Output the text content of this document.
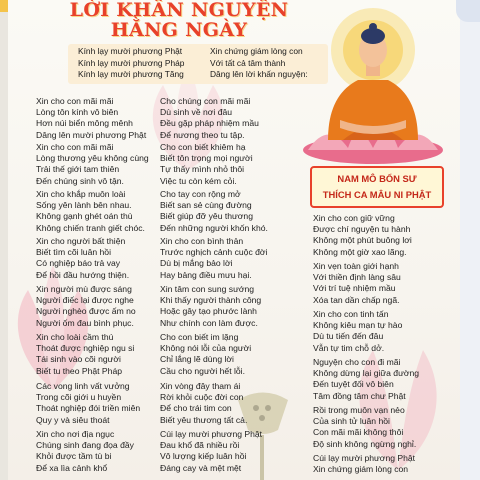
LỜI KHẤN NGUYỆN
HẰNG NGÀY
Kính lạy mười phương Phật
Kính lạy mười phương Pháp
Kính lạy mười phương Tăng
Xin chứng giám lòng con
Với tất cả tâm thành
Dâng lên lời khấn nguyện:
NAM MÔ BỔN SƯ
THÍCH CA MÂU NI PHẬT
Xin cho con mãi mãi
Lòng tôn kính vô biên
Hơn núi biển mông mênh
Dâng lên mười phương Phật
Xin cho con mãi mãi
Lòng thương yêu không cùng
Trải thế giới tam thiên
Đến chúng sinh vô tận.
Xin cho khắp muôn loài
Sống yên lành bên nhau.
Không gạnh ghét oán thù
Không chiến tranh giết chóc.
Xin cho người bất thiện
Biết tìm cõi luân hồi
Có nghiệp báo trả vay
Để hồi đầu hướng thiện.
Xin người mù được sáng
Người điếc lại được nghe
Người nghèo được ấm no
Người ốm đau bình phục.
Xin cho loài cầm thú
Thoát được nghiệp ngu si
Tái sinh vào cõi người
Biết tu theo Phật Pháp
Các vong linh vất vưởng
Trong cõi giới u huyền
Thoát nghiệp đói triền miên
Quy y và siêu thoát
Xin cho nơi địa ngục
Chúng sinh đang đọa đầy
Khỏi được tầm tù bi
Để xa lìa cảnh khổ
Cho chúng con mãi mãi
Dù sinh về nơi đâu
Đều gặp pháp nhiệm mầu
Để nương theo tu tập.
Cho con biết khiêm hạ
Biết tôn trọng mọi người
Tự thấy mình nhỏ thôi
Việc tu còn kém cỏi.
Cho tay con rộng mở
Biết san sẻ cùng đường
Biết giúp đỡ yêu thương
Đến những người khốn khó.
Xin cho con bình thản
Trước nghịch cảnh cuộc đời
Dù bị mắng bảo lời
Hay bảng điều mưu hại.
Xin tâm con sung sướng
Khi thấy người thành công
Hoặc gây tạo phước lành
Như chính con làm được.
Cho con biết im lặng
Không nói lỗi của người
Chỉ lắng lẽ dùng lời
Cầu cho người hết lỗi.
Xin vòng đây tham ái
Rời khỏi cuộc đời con
Để cho trái tim con
Biết yêu thương tất cả.
Cúi lạy mười phương Phật
Đau khổ đã nhiều rồi
Vô lượng kiếp luân hồi
Đáng cay và mệt mệt
Xin cho con giữ vững
Được chí nguyện tu hành
Không một phút buông lơi
Không một giờ xao lãng.
Xin vẹn toàn giới hạnh
Với thiền định làng sâu
Với trí tuệ nhiệm mầu
Xóa tan dần chấp ngã.
Xin cho con tinh tấn
Không kiêu mạn tự hào
Dù tu tiến đến đâu
Vẫn tự tim chỗ dở.
Nguyện cho con đi mãi
Không dừng lại giữa đường
Đến tuyệt đối vô biên
Tâm đồng tâm chư Phật
Rồi trong muôn vạn nẻo
Của sinh tử luân hồi
Con mãi mãi không thôi
Độ sinh không ngừng nghỉ.
Cúi lạy mười phương Phật
Xin chứng giám lòng con
